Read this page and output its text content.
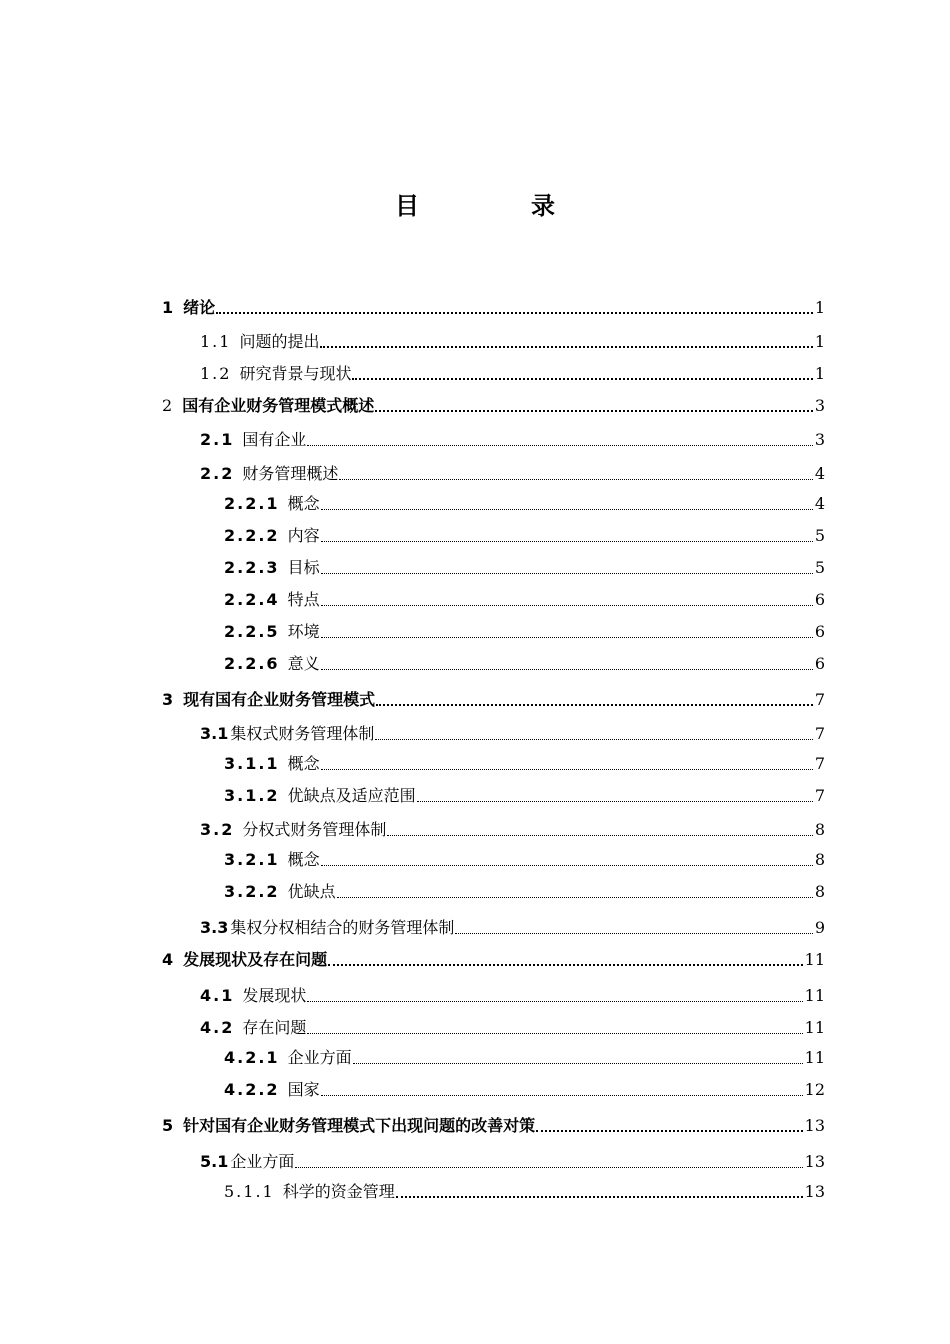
目　录
1 绪论	1
1.1 问题的提出	1
1.2 研究背景与现状	1
2 国有企业财务管理模式概述	3
2.1 国有企业	3
2.2 财务管理概述	4
2.2.1 概念	4
2.2.2 内容	5
2.2.3 目标	5
2.2.4 特点	6
2.2.5 环境	6
2.2.6 意义	6
3 现有国有企业财务管理模式	7
3.1 集权式财务管理体制	7
3.1.1 概念	7
3.1.2 优缺点及适应范围	7
3.2 分权式财务管理体制	8
3.2.1 概念	8
3.2.2 优缺点	8
3.3 集权分权相结合的财务管理体制	9
4 发展现状及存在问题	11
4.1 发展现状	11
4.2 存在问题	11
4.2.1 企业方面	11
4.2.2 国家	12
5 针对国有企业财务管理模式下出现问题的改善对策	13
5.1 企业方面	13
5.1.1 科学的资金管理	13
